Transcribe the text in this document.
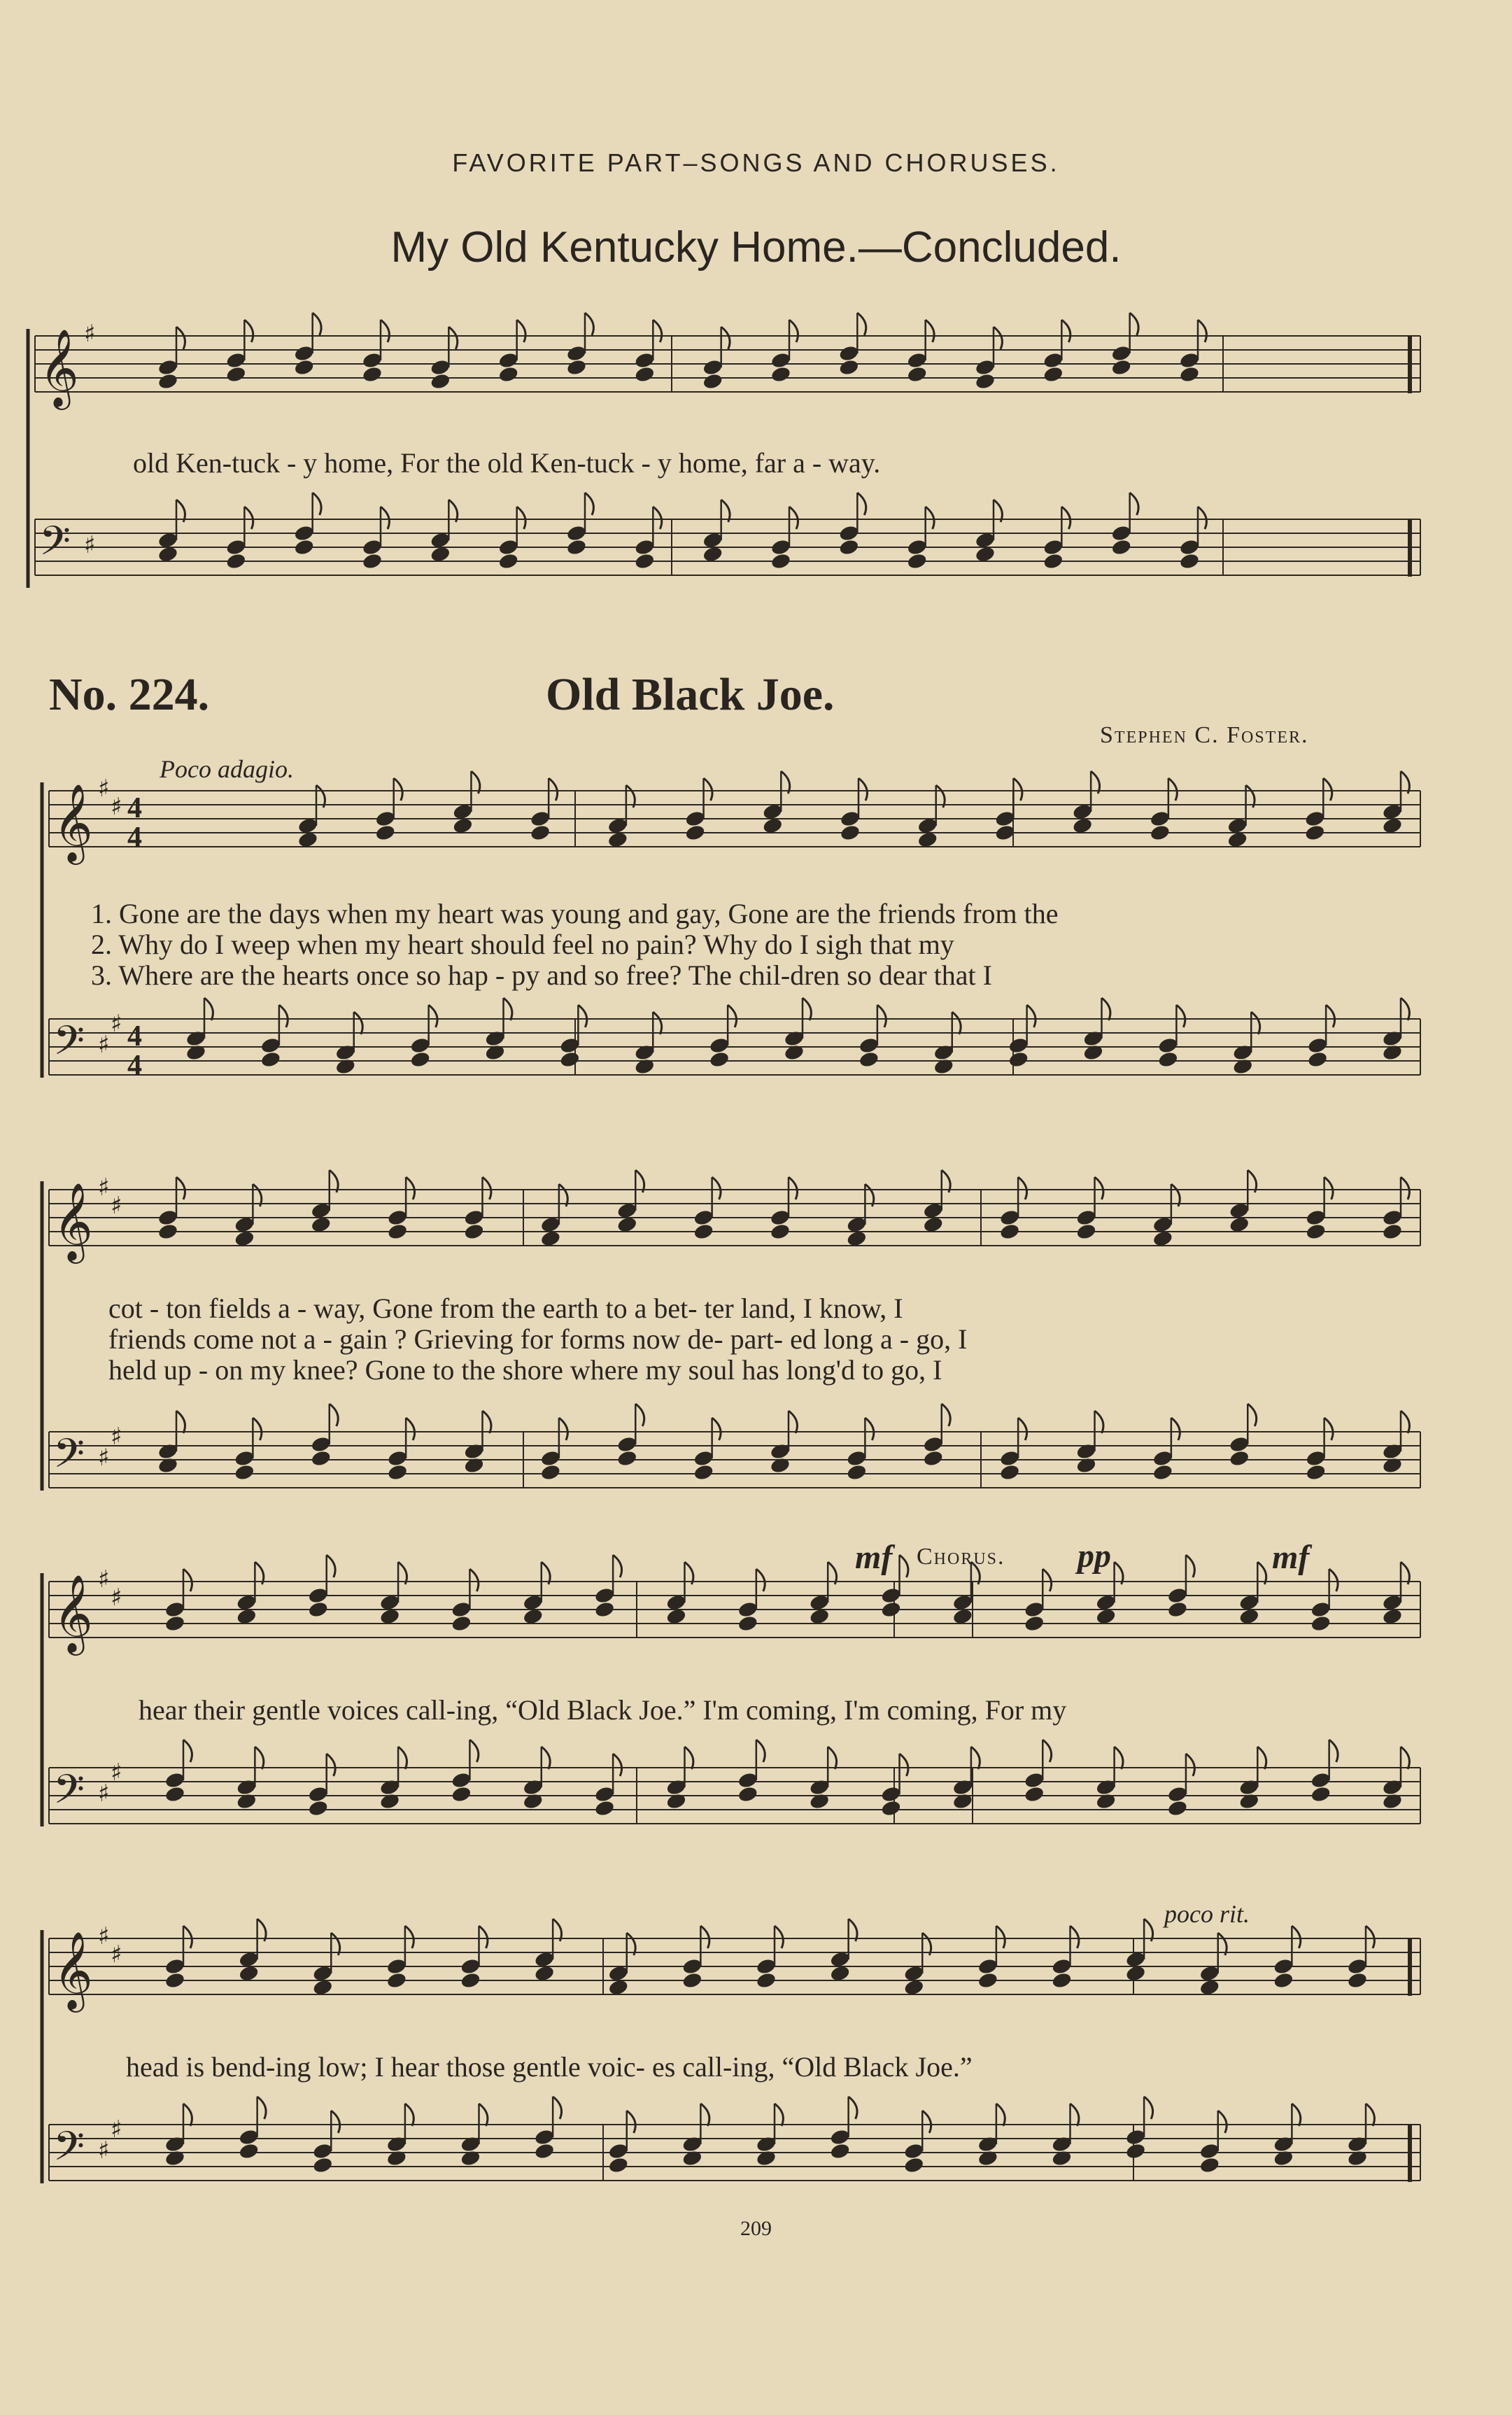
FAVORITE PART–SONGS AND CHORUSES.
My Old Kentucky Home.—Concluded.
𝄞 ♯
𝄢 ♯
𝄞 ♯
♯ 4
4
𝄢 ♯
♯ 4
4
𝄞 ♯
♯
𝄢 ♯
♯
𝄞 ♯
♯
𝄢 ♯
♯
𝄞 ♯
♯
𝄢 ♯
♯
old Ken-tuck - y home, For the old Ken-tuck - y home, far a - way.
No. 224.	Old Black Joe.
Stephen C. Foster.
Poco adagio.
1. Gone are the days when my heart was young and gay, Gone are the friends from the
2. Why do I weep when my heart should feel no pain? Why do I sigh that my
3. Where are the hearts once so hap - py and so free? The chil-dren so dear that I
cot - ton fields a - way, Gone from the earth to a bet- ter land, I know, I
friends come not a - gain ? Grieving for forms now de- part- ed long a - go, I
held up - on my knee? Gone to the shore where my soul has long'd to go, I
mf Chorus. pp	mf
hear their gentle voices call-ing, “Old Black Joe.” I'm coming, I'm coming, For my
poco rit.
head is bend-ing low; I hear those gentle voic- es call-ing, “Old Black Joe.”
209
